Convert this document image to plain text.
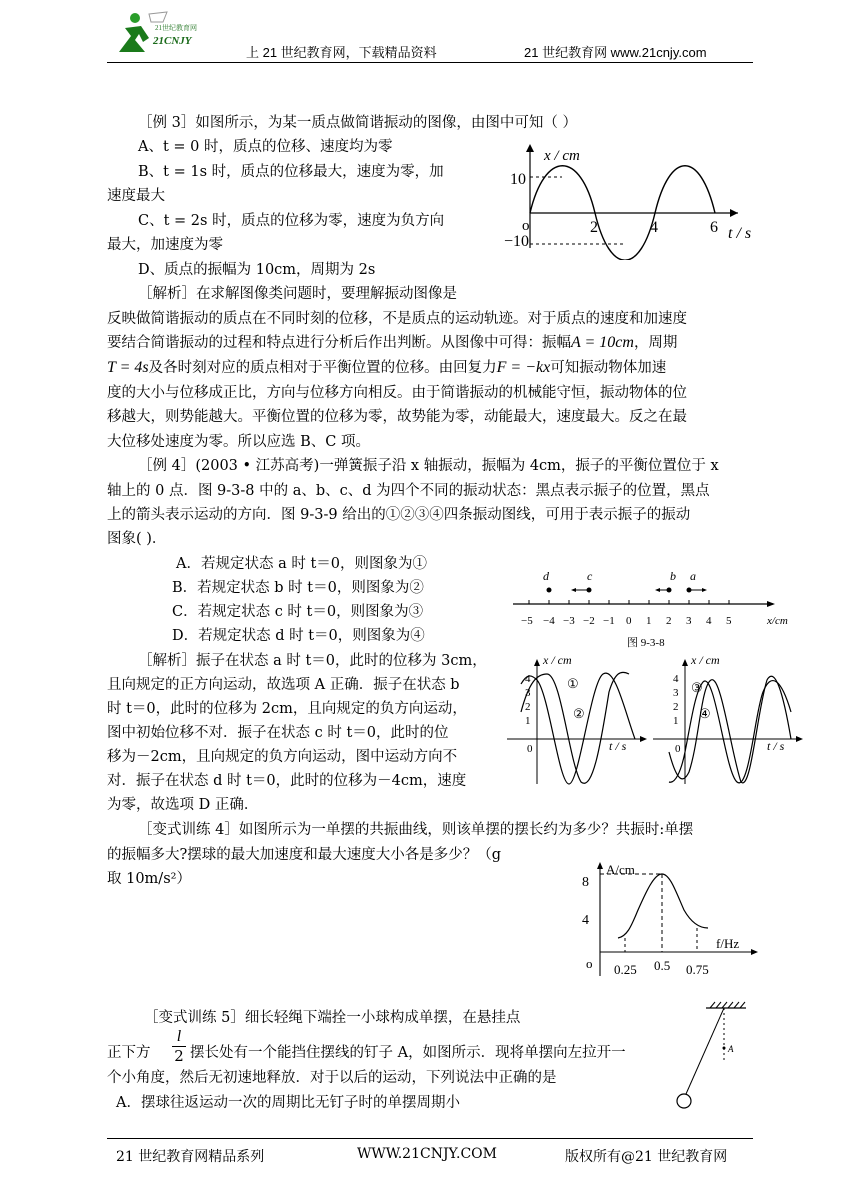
21世纪教育网
21CNJY
上 21 世纪教育网，下载精品资料	21 世纪教育网 www.21cnjy.com
［例 3］如图所示，为某一质点做简谐振动的图像，由图中可知（ ）
A、t = 0 时，质点的位移、速度均为零
B、t = 1s 时，质点的位移最大，速度为零，加
速度最大
C、t = 2s 时，质点的位移为零，速度为负方向
最大，加速度为零
D、质点的振幅为 10cm，周期为 2s
x / cm
10
−10
o	2	4	6 t / s
［解析］在求解图像类问题时，要理解振动图像是
反映做简谐振动的质点在不同时刻的位移，不是质点的运动轨迹。对于质点的速度和加速度
要结合简谐振动的过程和特点进行分析后作出判断。从图像中可得：振幅A = 10cm，周期
T = 4s及各时刻对应的质点相对于平衡位置的位移。由回复力F = −kx可知振动物体加速
度的大小与位移成正比，方向与位移方向相反。由于简谐振动的机械能守恒，振动物体的位
移越大，则势能越大。平衡位置的位移为零，故势能为零，动能最大，速度最大。反之在最
大位移处速度为零。所以应选 B、C 项。
［例 4］(2003 • 江苏高考)一弹簧振子沿 x 轴振动，振幅为 4cm，振子的平衡位置位于 x
轴上的 0 点．图 9-3-8 中的 a、b、c、d 为四个不同的振动状态：黑点表示振子的位置，黑点
上的箭头表示运动的方向．图 9-3-9 给出的①②③④四条振动图线，可用于表示振子的振动
图象( )．
A．若规定状态 a 时 t＝0，则图象为①
B．若规定状态 b 时 t＝0，则图象为②
C．若规定状态 c 时 t＝0，则图象为③
D．若规定状态 d 时 t＝0，则图象为④
−5 −4 −3 −2 −1 0 1 2 3 4 5	x/cm
图 9-3-8
d	c	b a
［解析］振子在状态 a 时 t＝0，此时的位移为 3cm，
且向规定的正方向运动，故选项 A 正确．振子在状态 b
时 t＝0，此时的位移为 2cm，且向规定的负方向运动，
图中初始位移不对．振子在状态 c 时 t＝0，此时的位
移为－2cm，且向规定的负方向运动，图中运动方向不
对．振子在状态 d 时 t＝0，此时的位移为－4cm，速度
为零，故选项 D 正确．
x / cm
4
3
2
1
0
①
②
t / s
x / cm
4
3
2
1
0
③
④
t / s
［变式训练 4］如图所示为一单摆的共振曲线，则该单摆的摆长约为多少？共振时:单摆
的振幅多大?摆球的最大加速度和最大速度大小各是多少？（g
取 10m/s²）
A/cm
8
4
o
f/Hz
0.25 0.5 0.75
［变式训练 5］细长轻绳下端拴一小球构成单摆，在悬挂点
正下方
l
2 摆长处有一个能挡住摆线的钉子 A，如图所示．现将单摆向左拉开一
个小角度，然后无初速地释放．对于以后的运动，下列说法中正确的是
A．摆球往返运动一次的周期比无钉子时的单摆周期小
A
21 世纪教育网精品系列	WWW.21CNJY.COM	版权所有@21 世纪教育网
